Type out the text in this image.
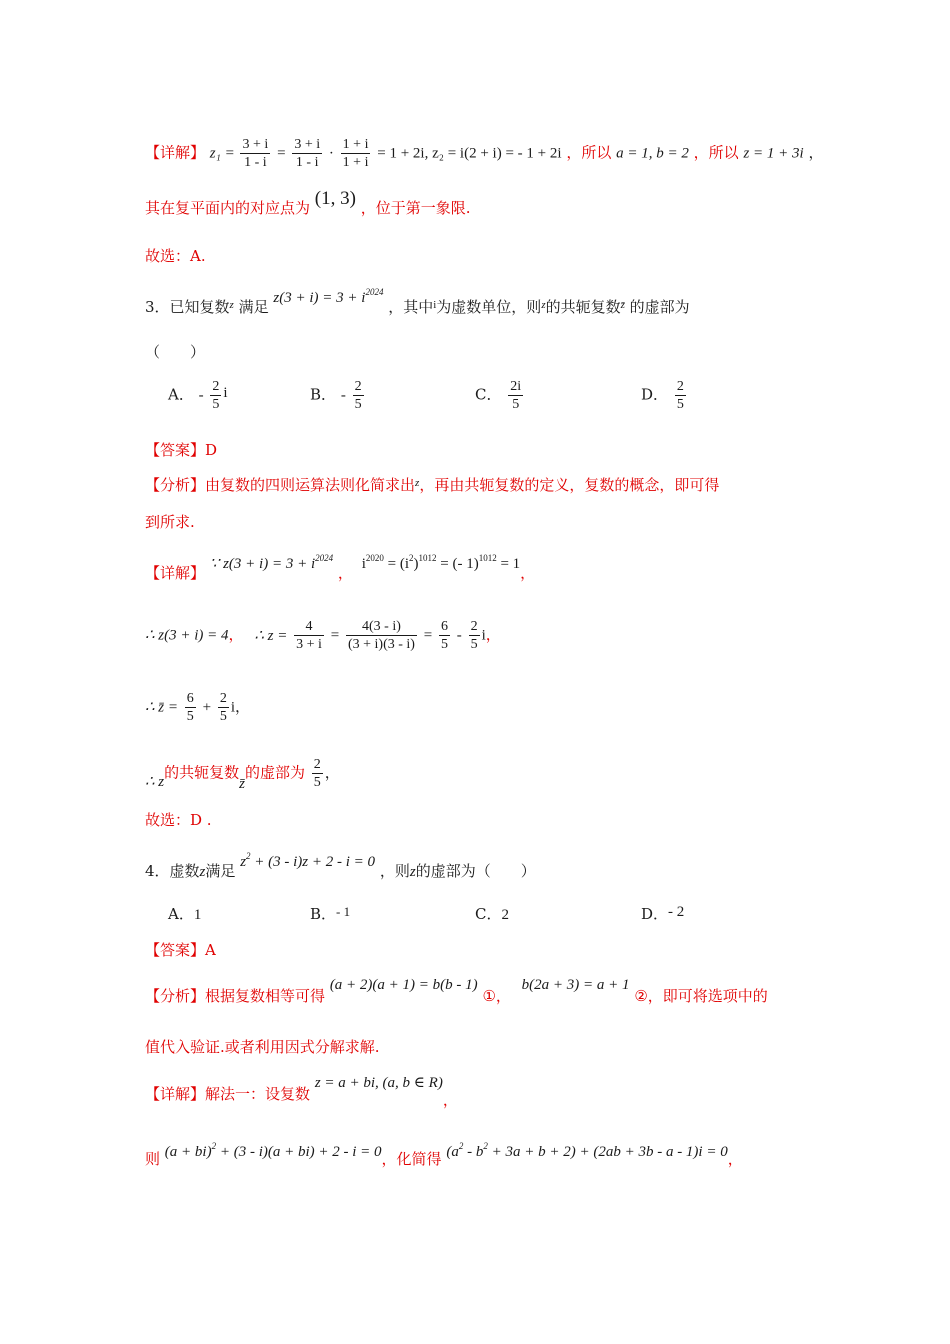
【详解】 $z_1 = \frac{3 + i}{1 - i} = \frac{3 + i}{1 - i} \cdot \frac{1 + i}{1 + i} = 1 + 2i$, z₂ = i(2 + i) = - 1 + 2i ，所以 a = 1, b = 2 ，所以 z = 1 + 3i ，
其在复平面内的对应点为 (1, 3) ，位于第一象限.
故选：A.
3．已知复数$^z$ 满足 $z(3 + i) = 3 + i^{2024}$ ，其中$^i$为虚数单位，则$^z$的共轭复数$^{z̄}$ 的虚部为
（　　）
A． - $\frac{2}{5}$ i	B． - $\frac{2}{5}$	C． $\frac{2i}{5}$	D． $\frac{2}{5}$
【答案】D
【分析】由复数的四则运算法则化简求出$^z$，再由共轭复数的定义，复数的概念，即可得
到所求.
【详解】 ∵ $z(3 + i) = 3 + i^{2024}$ ， $i^{2020} = (i^2)^{1012}$ = (- 1)$^{1012}$ = 1，
∴ z(3 + i) = 4， ∴ $z = \frac{4}{3 + i} = \frac{4(3 - i)}{(3 + i)(3 - i)} = \frac{6}{5} - \frac{2}{5}$ i，
∴ z̄ = $\frac{6}{5} + \frac{2}{5}$ i，
∴ z的共轭复数z̄的虚部为 $\frac{2}{5}$ ，
故选：D .
4．虚数z满足 $z^2 + (3 - i)z + 2 - i = 0$ ，则z的虚部为（　　）
A．1	B．- 1	C．2	D．- 2
【答案】A
【分析】根据复数相等可得 (a + 2)(a + 1) = b(b - 1) ①， b(2a + 3) = a + 1 ②，即可将选项中的
值代入验证.或者利用因式分解求解.
【详解】解法一：设复数 z = a + bi, (a, b ∈ R)，
则 (a + bi)$^2$ + (3 - i)(a + bi) + 2 - i = 0，化简得 $(a^2 - b^2 + 3a + b + 2) + (2ab + 3b - a - 1)i = 0$，
